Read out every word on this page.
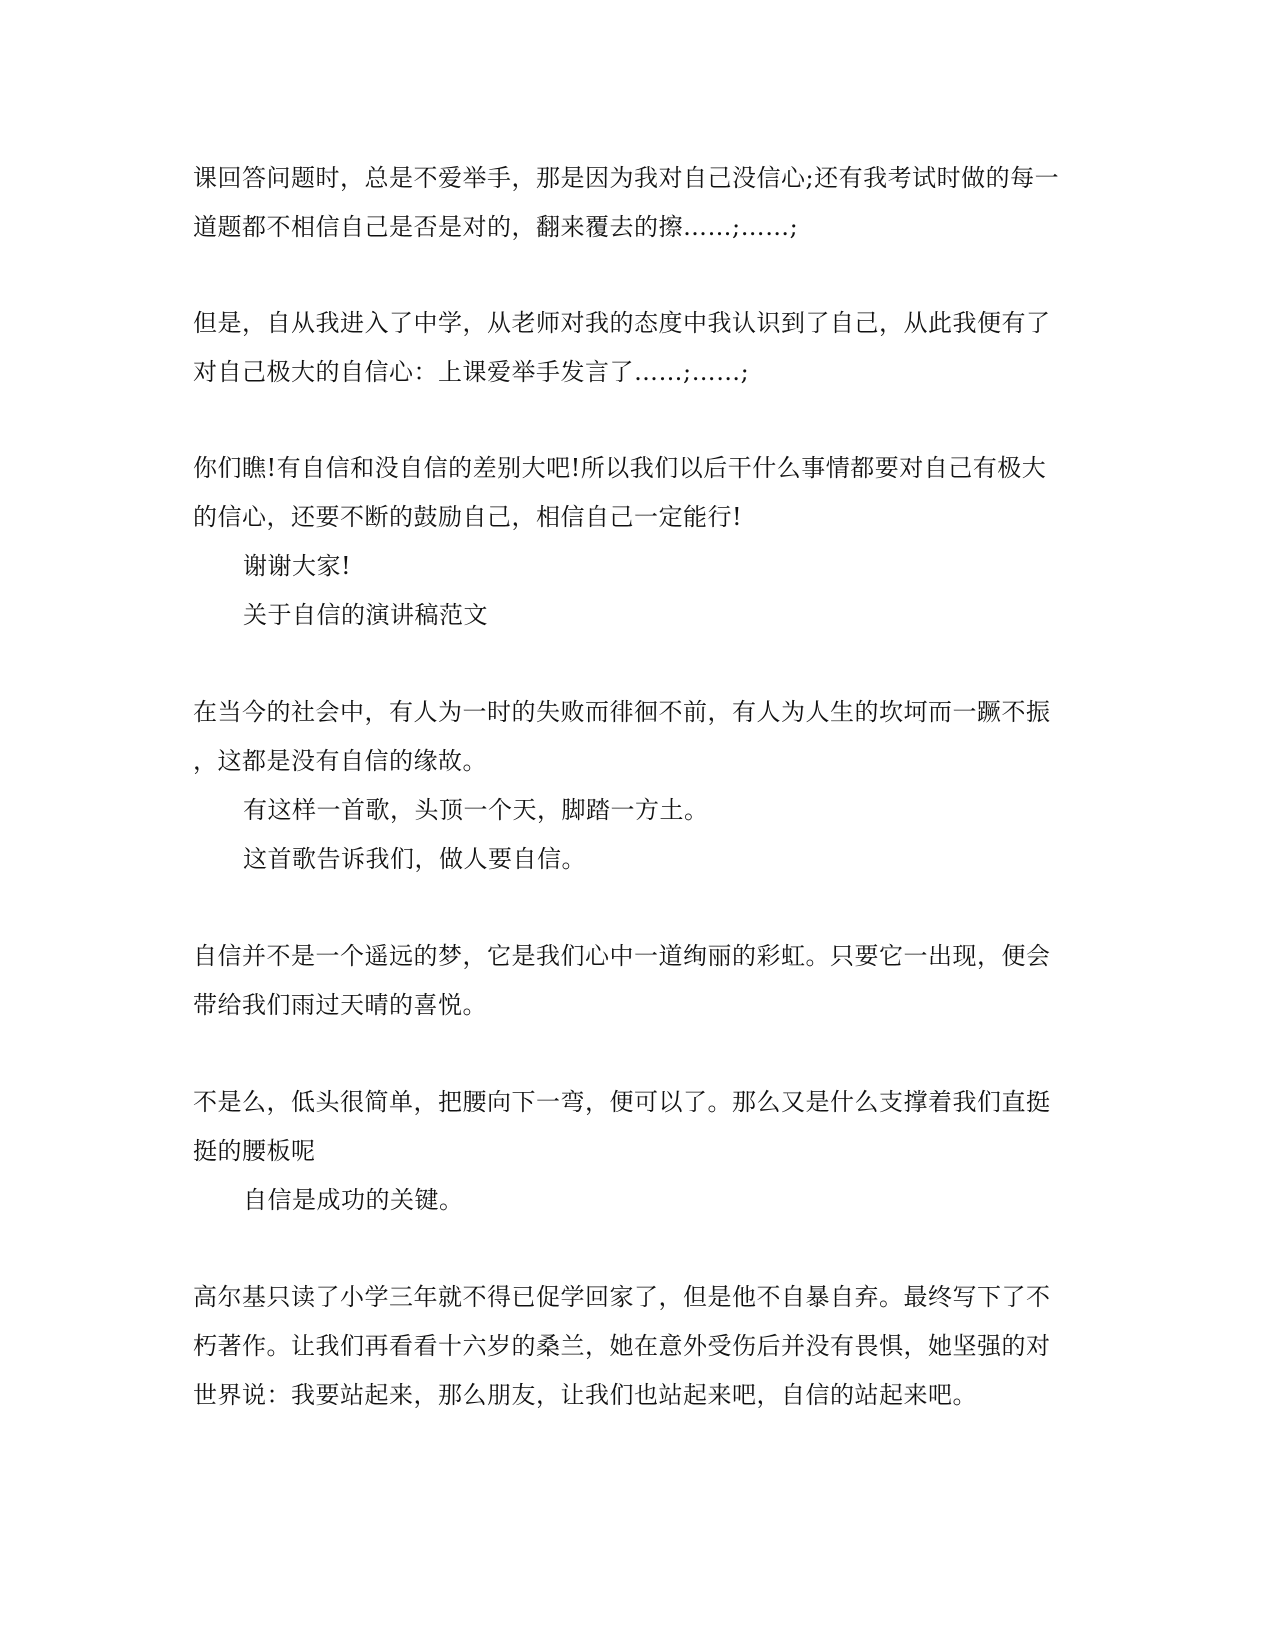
课回答问题时，总是不爱举手，那是因为我对自己没信心;还有我考试时做的每一
道题都不相信自己是否是对的，翻来覆去的擦……;……;
但是，自从我进入了中学，从老师对我的态度中我认识到了自己，从此我便有了
对自己极大的自信心：上课爱举手发言了……;……;
你们瞧!有自信和没自信的差别大吧!所以我们以后干什么事情都要对自己有极大
的信心，还要不断的鼓励自己，相信自己一定能行!
谢谢大家!
关于自信的演讲稿范文
在当今的社会中，有人为一时的失败而徘徊不前，有人为人生的坎坷而一蹶不振
，这都是没有自信的缘故。
有这样一首歌，头顶一个天，脚踏一方土。
这首歌告诉我们，做人要自信。
自信并不是一个遥远的梦，它是我们心中一道绚丽的彩虹。只要它一出现，便会
带给我们雨过天晴的喜悦。
不是么，低头很简单，把腰向下一弯，便可以了。那么又是什么支撑着我们直挺
挺的腰板呢
自信是成功的关键。
高尔基只读了小学三年就不得已促学回家了，但是他不自暴自弃。最终写下了不
朽著作。让我们再看看十六岁的桑兰，她在意外受伤后并没有畏惧，她坚强的对
世界说：我要站起来，那么朋友，让我们也站起来吧，自信的站起来吧。
